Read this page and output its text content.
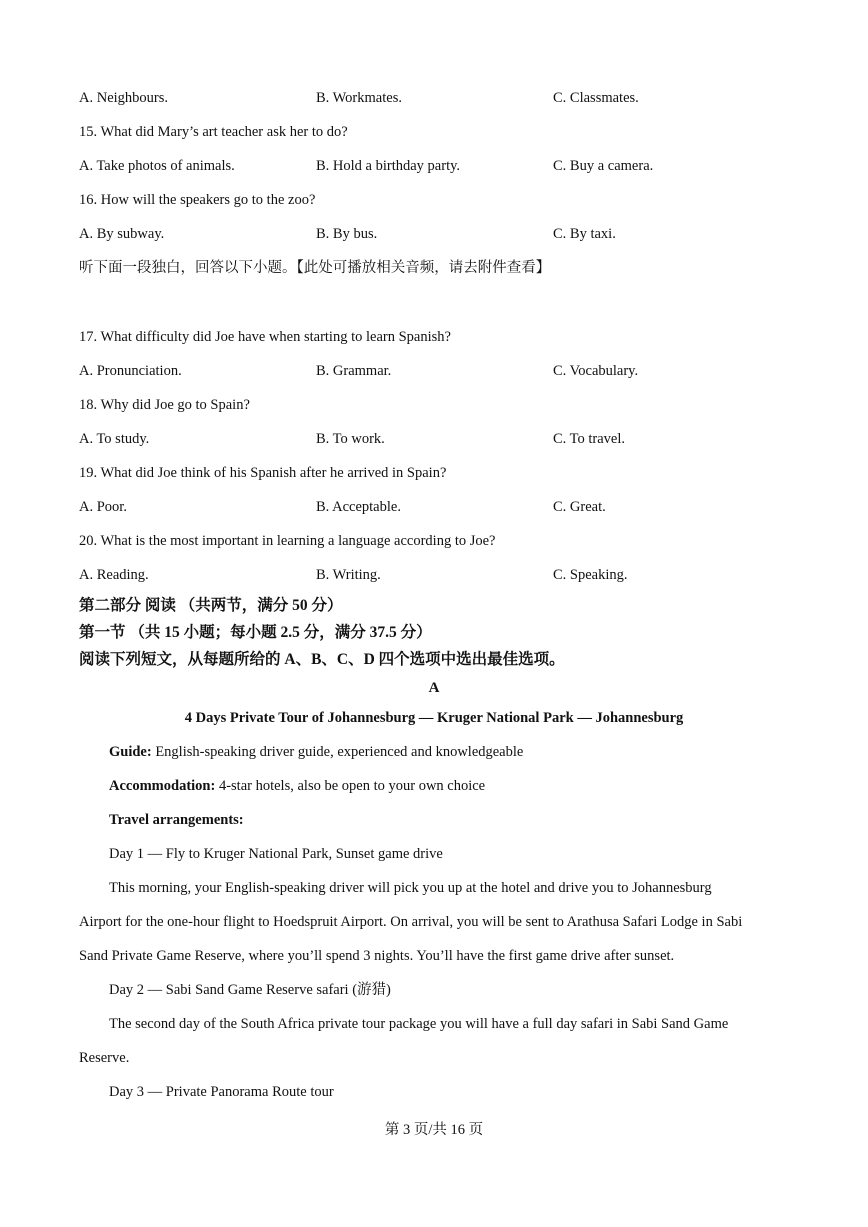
A. Neighbours.	B. Workmates.	C. Classmates.
15. What did Mary’s art teacher ask her to do?
A. Take photos of animals.	B. Hold a birthday party.	C. Buy a camera.
16. How will the speakers go to the zoo?
A. By subway.	B. By bus.	C. By taxi.
听下面一段独白，回答以下小题。【此处可播放相关音频，请去附件查看】
17. What difficulty did Joe have when starting to learn Spanish?
A. Pronunciation.	B. Grammar.	C. Vocabulary.
18. Why did Joe go to Spain?
A. To study.	B. To work.	C. To travel.
19. What did Joe think of his Spanish after he arrived in Spain?
A. Poor.	B. Acceptable.	C. Great.
20. What is the most important in learning a language according to Joe?
A. Reading.	B. Writing.	C. Speaking.
第二部分 阅读 （共两节，满分 50 分）
第一节 （共 15 小题；每小题 2.5 分，满分 37.5 分）
阅读下列短文，从每题所给的 A、B、C、D 四个选项中选出最佳选项。
A
4 Days Private Tour of Johannesburg — Kruger National Park — Johannesburg
Guide: English-speaking driver guide, experienced and knowledgeable
Accommodation: 4-star hotels, also be open to your own choice
Travel arrangements:
Day 1 — Fly to Kruger National Park, Sunset game drive
This morning, your English-speaking driver will pick you up at the hotel and drive you to Johannesburg
Airport for the one-hour flight to Hoedspruit Airport. On arrival, you will be sent to Arathusa Safari Lodge in Sabi
Sand Private Game Reserve, where you’ll spend 3 nights. You’ll have the first game drive after sunset.
Day 2 — Sabi Sand Game Reserve safari (游猎)
The second day of the South Africa private tour package you will have a full day safari in Sabi Sand Game
Reserve.
Day 3 — Private Panorama Route tour
第 3 页/共 16 页
